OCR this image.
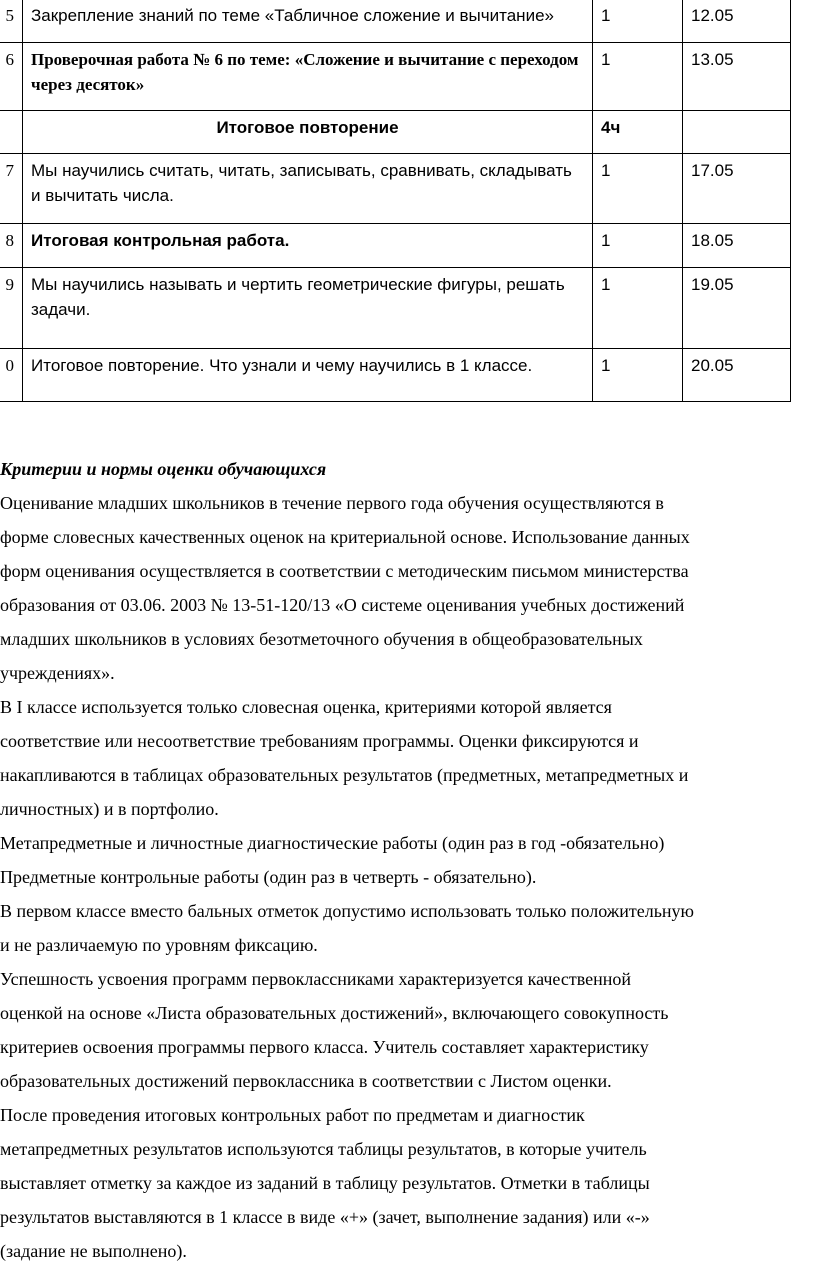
5	Закрепление знаний по теме «Табличное сложение и вычитание»	1	12.05
6	Проверочная работа № 6 по теме: «Сложение и вычитание с переходом через десяток»	1	13.05
	Итоговое повторение	4ч	
7	Мы научились считать, читать, записывать, сравнивать, складывать и вычитать числа.	1	17.05
8	Итоговая контрольная работа.	1	18.05
9	Мы научились называть и чертить геометрические фигуры, решать задачи.	1	19.05
0	Итоговое повторение. Что узнали и чему научились в 1 классе.	1	20.05
Критерии и нормы оценки обучающихся

Оценивание младших школьников в течение первого года обучения осуществляются в

форме словесных качественных оценок на критериальной основе. Использование данных

форм оценивания осуществляется в соответствии с методическим письмом министерства

образования от 03.06. 2003 № 13-51-120/13 «О системе оценивания учебных достижений

младших школьников в условиях безотметочного обучения в общеобразовательных

учреждениях».

В I классе используется только словесная оценка, критериями которой является

соответствие или несоответствие требованиям программы. Оценки фиксируются и

накапливаются в таблицах образовательных результатов (предметных, метапредметных и

личностных) и в портфолио.

Метапредметные и личностные диагностические работы (один раз в год -обязательно)

Предметные контрольные работы (один раз в четверть - обязательно).

В первом классе вместо бальных отметок допустимо использовать только положительную

и не различаемую по уровням фиксацию.

Успешность усвоения программ первоклассниками характеризуется качественной

оценкой на основе «Листа образовательных достижений», включающего совокупность

критериев освоения программы первого класса. Учитель составляет характеристику

образовательных достижений первоклассника в соответствии с Листом оценки.

После проведения итоговых контрольных работ по предметам и диагностик

метапредметных результатов используются таблицы результатов, в которые учитель

выставляет отметку за каждое из заданий в таблицу результатов. Отметки в таблицы

результатов выставляются в 1 классе в виде «+» (зачет, выполнение задания) или «-»

(задание не выполнено).
